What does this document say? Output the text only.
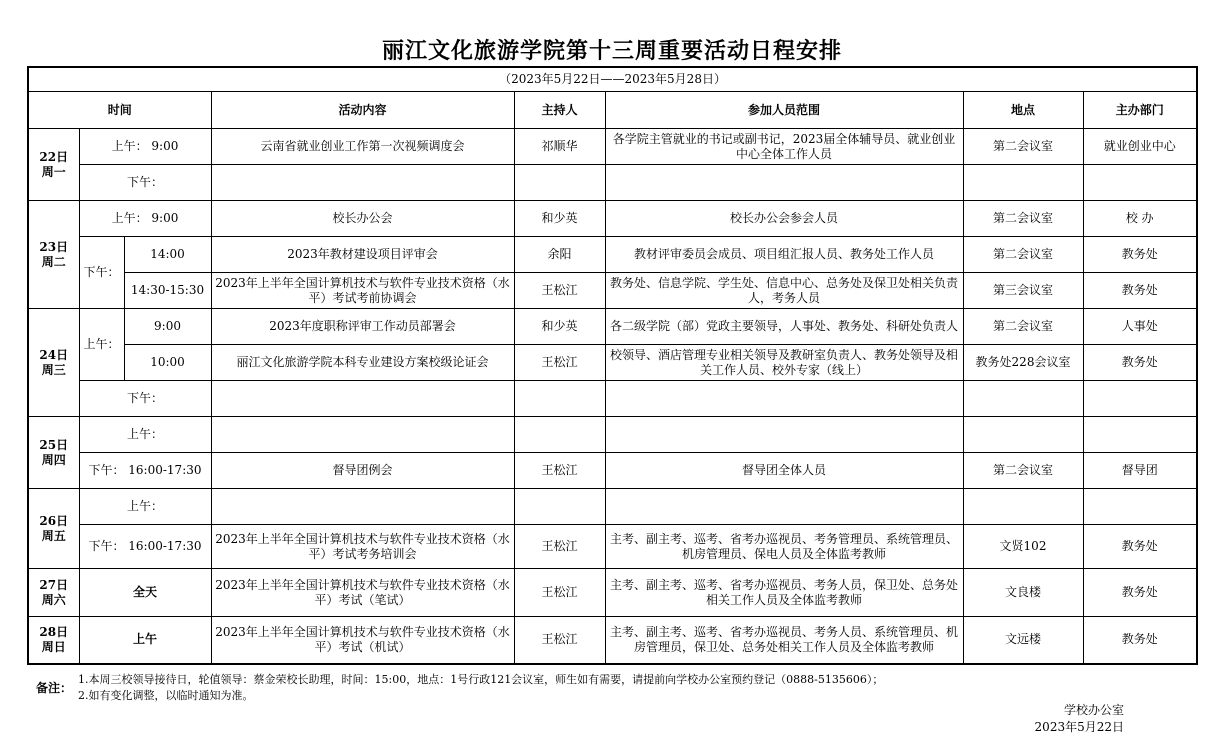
丽江文化旅游学院第十三周重要活动日程安排
（2023年5月22日——2023年5月28日）							
时间			活动内容	主持人	参加人员范围	地点	主办部门
22日
周一	上午： 9:00		云南省就业创业工作第一次视频调度会	祁顺华	各学院主管就业的书记或副书记，2023届全体辅导员、就业创业中心全体工作人员	第二会议室	就业创业中心
	下午：						
23日
周二	上午： 9:00		校长办公会	和少英	校长办公会参会人员	第二会议室	校 办
	下午：	14:00	2023年教材建设项目评审会	余阳	教材评审委员会成员、项目组汇报人员、教务处工作人员	第二会议室	教务处
		14:30-15:30	2023年上半年全国计算机技术与软件专业技术资格（水平）考试考前协调会	王松江	教务处、信息学院、学生处、信息中心、总务处及保卫处相关负责人，考务人员	第三会议室	教务处
24日
周三	上午：	9:00	2023年度职称评审工作动员部署会	和少英	各二级学院（部）党政主要领导，人事处、教务处、科研处负责人	第二会议室	人事处
		10:00	丽江文化旅游学院本科专业建设方案校级论证会	王松江	校领导、酒店管理专业相关领导及教研室负责人、教务处领导及相关工作人员、校外专家（线上）	教务处228会议室	教务处
	下午：						
25日
周四	上午：						
	下午： 16:00-17:30		督导团例会	王松江	督导团全体人员	第二会议室	督导团
26日
周五	上午：						
	下午： 16:00-17:30		2023年上半年全国计算机技术与软件专业技术资格（水平）考试考务培训会	王松江	主考、副主考、巡考、省考办巡视员、考务管理员、系统管理员、机房管理员、保电人员及全体监考教师	文贤102	教务处
27日
周六	全天		2023年上半年全国计算机技术与软件专业技术资格（水平）考试（笔试）	王松江	主考、副主考、巡考、省考办巡视员、考务人员，保卫处、总务处相关工作人员及全体监考教师	文良楼	教务处
28日
周日	上午		2023年上半年全国计算机技术与软件专业技术资格（水平）考试（机试）	王松江	主考、副主考、巡考、省考办巡视员、考务人员、系统管理员、机房管理员，保卫处、总务处相关工作人员及全体监考教师	文远楼	教务处
备注：
1.本周三校领导接待日，轮值领导：蔡金荣校长助理，时间：15:00，地点：1号行政121会议室，师生如有需要，请提前向学校办公室预约登记（0888-5135606）；
2.如有变化调整，以临时通知为准。
学校办公室
2023年5月22日
